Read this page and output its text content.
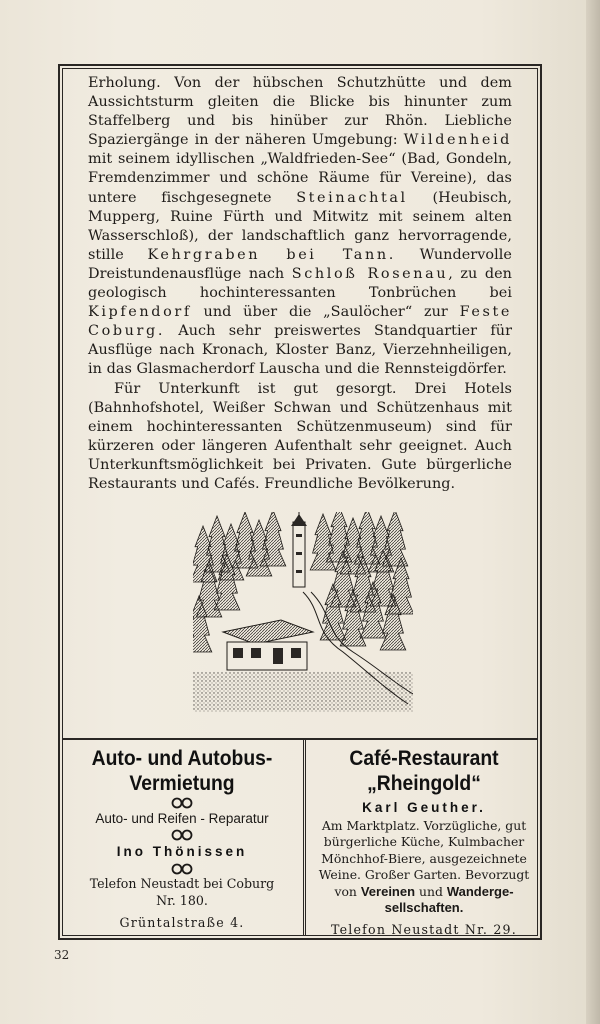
Erholung. Von der hübschen Schutzhütte und dem Aussichtsturm gleiten die Blicke bis hinunter zum Staffelberg und bis hinüber zur Rhön. Liebliche Spaziergänge in der näheren Umgebung: Wildenheid mit seinem idyllischen „Waldfrieden-See“ (Bad, Gondeln, Fremdenzimmer und schöne Räume für Vereine), das untere fischgesegnete Steinachtal (Heubisch, Mupperg, Ruine Fürth und Mitwitz mit seinem alten Wasserschloß), der landschaftlich ganz hervorragende, stille Kehrgraben bei Tann. Wundervolle Dreistundenausflüge nach Schloß Rosenau, zu den geologisch hochinteressanten Tonbrüchen bei Kipfendorf und über die „Saulöcher“ zur Feste Coburg. Auch sehr preiswertes Standquartier für Ausflüge nach Kronach, Kloster Banz, Vierzehnheiligen, in das Glasmacherdorf Lauscha und die Rennsteigdörfer.

Für Unterkunft ist gut gesorgt. Drei Hotels (Bahnhofshotel, Weißer Schwan und Schützenhaus mit einem hochinteressanten Schützenmuseum) sind für kürzeren oder längeren Aufenthalt sehr geeignet. Auch Unterkunftsmöglichkeit bei Privaten. Gute bürgerliche Restaurants und Cafés. Freundliche Bevölkerung.

Auto- und Autobus-
Vermietung
Auto- und Reifen - Reparatur
Ino Thönissen
Telefon Neustadt bei Coburg
Nr. 180.
Grüntalstraße 4.
Café-Restaurant
„Rheingold“
Karl Geuther.
Am Marktplatz. Vorzügliche, gut
bürgerliche Küche, Kulmbacher
Mönchhof-Biere, ausgezeichnete
Weine. Großer Garten. Bevorzugt
von Vereinen und Wanderge-
sellschaften.
Telefon Neustadt Nr. 29.
32
